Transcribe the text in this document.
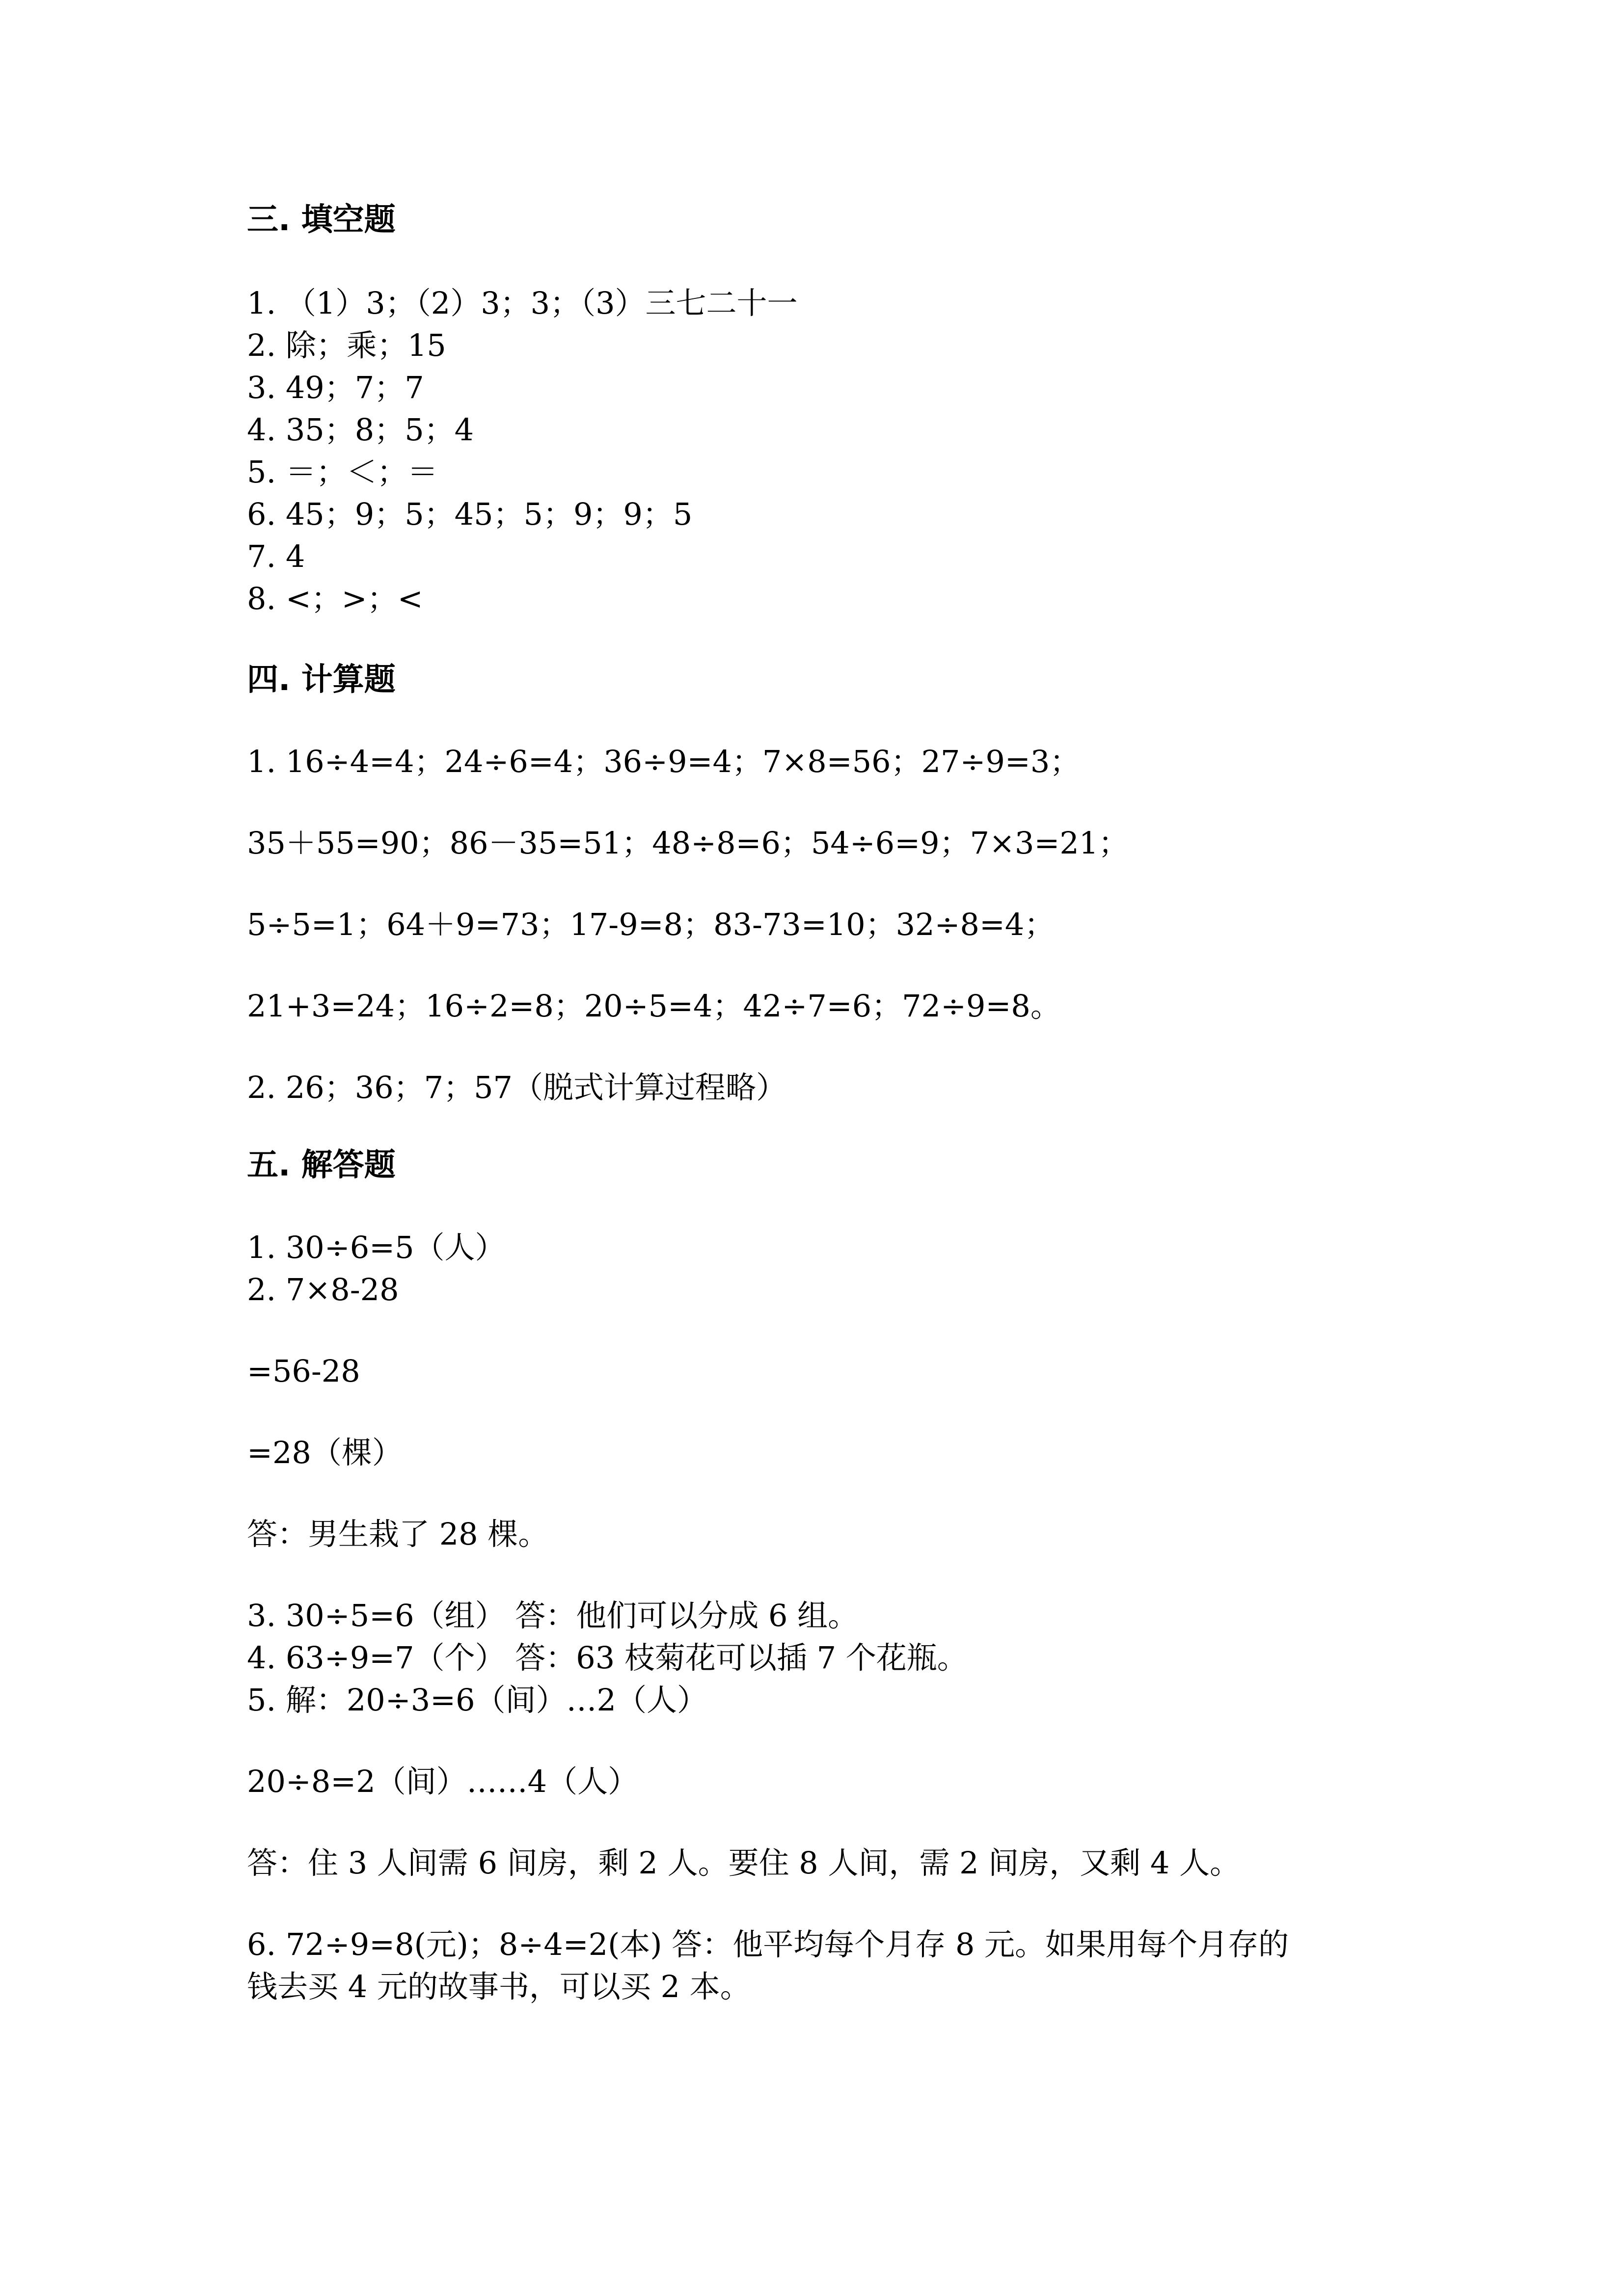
三. 填空题
1. （1）3；（2）3；3；（3）三七二十一
2. 除；乘；15
3. 49；7；7
4. 35；8；5；4
5. ＝；＜；＝
6. 45；9；5；45；5；9；9；5
7. 4
8. <；>；<
四. 计算题
1. 16÷4=4；24÷6=4；36÷9=4；7×8=56；27÷9=3；
35＋55=90；86－35=51；48÷8=6；54÷6=9；7×3=21；
5÷5=1；64＋9=73；17-9=8；83-73=10；32÷8=4；
21+3=24；16÷2=8；20÷5=4；42÷7=6；72÷9=8。
2. 26；36；7；57（脱式计算过程略）
五. 解答题
1. 30÷6=5（人）
2. 7×8-28
=56-28
=28（棵）
答：男生栽了 28 棵。
3. 30÷5=6（组） 答：他们可以分成 6 组。
4. 63÷9=7（个） 答：63 枝菊花可以插 7 个花瓶。
5. 解：20÷3=6（间）…2（人）
20÷8=2（间）……4（人）
答：住 3 人间需 6 间房，剩 2 人。要住 8 人间，需 2 间房，又剩 4 人。
6. 72÷9=8(元)；8÷4=2(本) 答：他平均每个月存 8 元。如果用每个月存的
钱去买 4 元的故事书，可以买 2 本。
